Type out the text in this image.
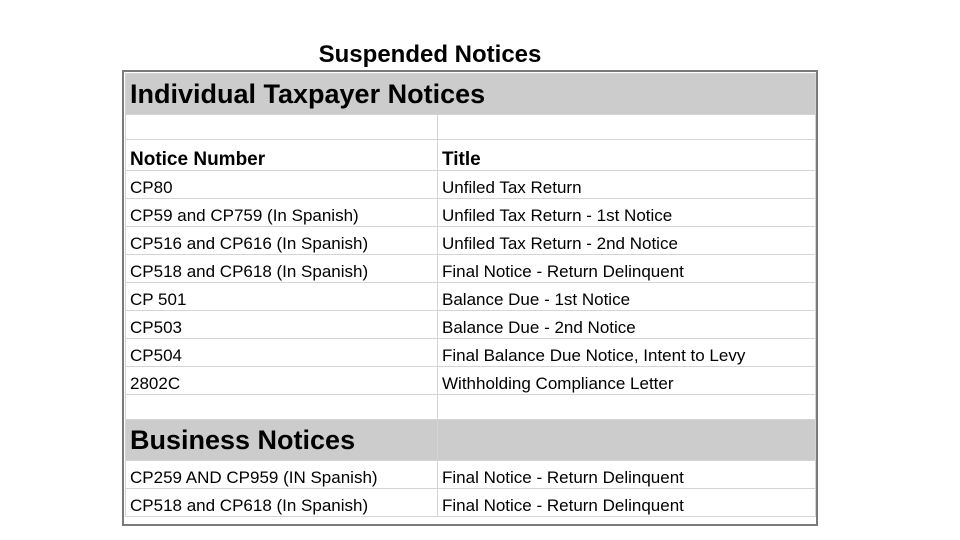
Suspended Notices
Individual Taxpayer Notices	

Notice Number	Title
CP80	Unfiled Tax Return
CP59 and CP759 (In Spanish)	Unfiled Tax Return - 1st Notice
CP516 and CP616 (In Spanish)	Unfiled Tax Return - 2nd Notice
CP518 and CP618 (In Spanish)	Final Notice - Return Delinquent
CP 501	Balance Due - 1st Notice
CP503	Balance Due - 2nd Notice
CP504	Final Balance Due Notice, Intent to Levy
2802C	Withholding Compliance Letter

Business Notices	
CP259 AND CP959 (IN Spanish)	Final Notice - Return Delinquent
CP518 and CP618 (In Spanish)	Final Notice - Return Delinquent
